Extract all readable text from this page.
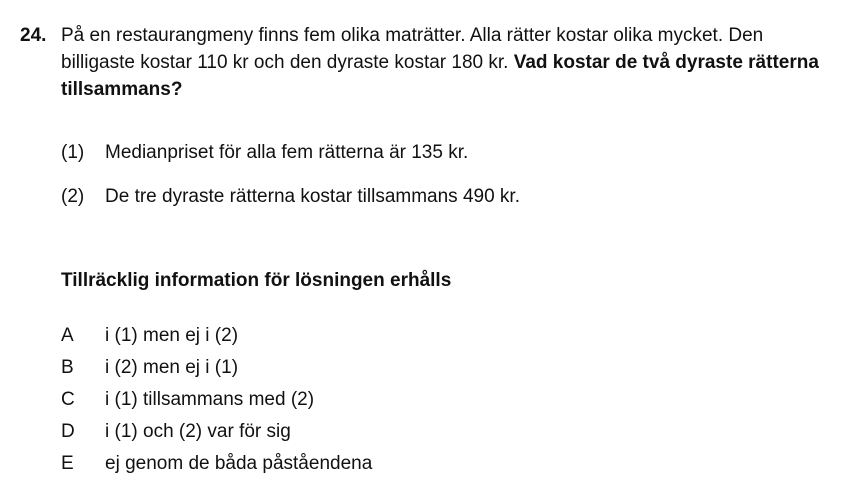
24. På en restaurangmeny finns fem olika maträtter. Alla rätter kostar olika mycket. Den billigaste kostar 110 kr och den dyraste kostar 180 kr. Vad kostar de två dyraste rätterna tillsammans?
(1) Medianpriset för alla fem rätterna är 135 kr.
(2) De tre dyraste rätterna kostar tillsammans 490 kr.
Tillräcklig information för lösningen erhålls
A i (1) men ej i (2)
B i (2) men ej i (1)
C i (1) tillsammans med (2)
D i (1) och (2) var för sig
E ej genom de båda påståendena
